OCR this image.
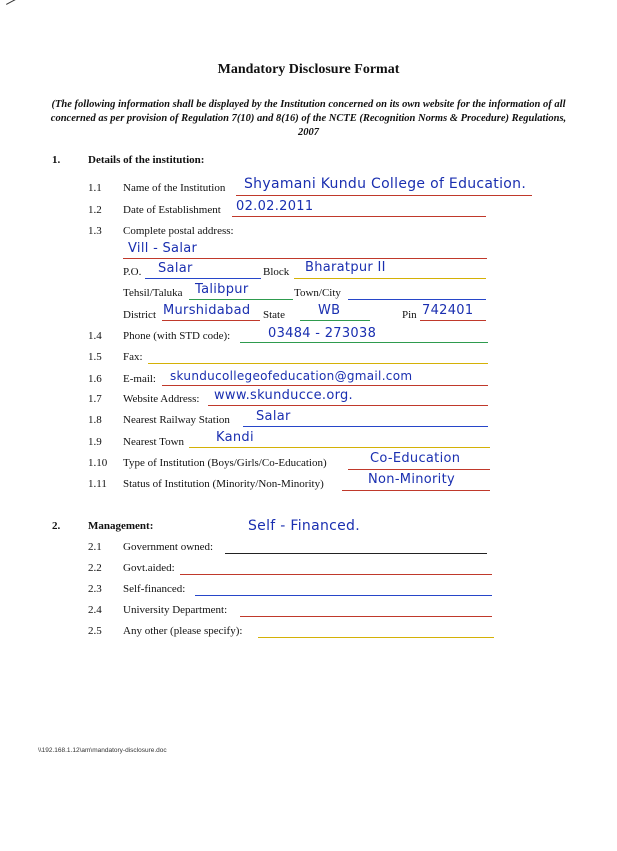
Mandatory Disclosure Format
(The following information shall be displayed by the Institution concerned on its own website for the information of all concerned as per provision of Regulation 7(10) and 8(16) of the NCTE (Recognition Norms & Procedure) Regulations, 2007
1.	Details of the institution:
1.1 Name of the Institution Shyamani Kundu College of Education.
1.2 Date of Establishment 02.02.2011
1.3 Complete postal address:
Vill - Salar
P.O. Salar	Block Bharatpur II
Tehsil/Taluka Talibpur	Town/City
District Murshidabad State	WB	Pin 742401
1.4 Phone (with STD code):	03484 - 273038
1.5 Fax:
1.6 E-mail: skunducollegeofeducation@gmail.com
1.7 Website Address: www.skunducce.org.
1.8 Nearest Railway Station Salar
1.9 Nearest Town Kandi
1.10 Type of Institution (Boys/Girls/Co-Education)	Co-Education
1.11 Status of Institution (Minority/Non-Minority)	Non-Minority
2.	Management:	Self - Financed.
2.1 Government owned:
2.2 Govt.aided:
2.3 Self-financed:
2.4 University Department:
2.5 Any other (please specify):
\\192.168.1.12\am\mandatory-disclosure.doc
